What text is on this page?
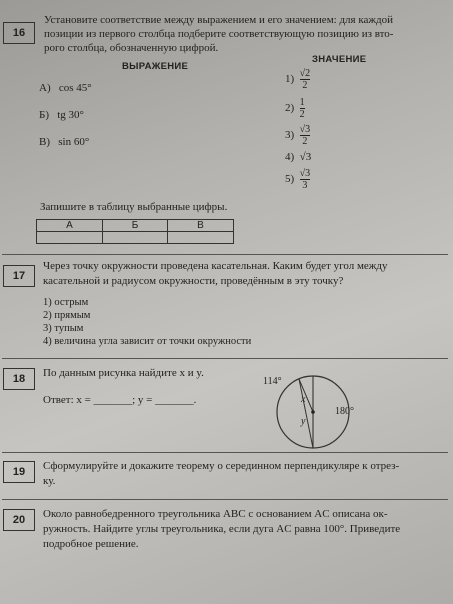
16
Установите соответствие между выражением и его значением: для каждой
позиции из первого столбца подберите соответствующую позицию из вто-
рого столбца, обозначенную цифрой.
ВЫРАЖЕНИЕ
ЗНАЧЕНИЕ
А) cos 45°
Б) tg 30°
В) sin 60°
$1) \frac{√2}{2}$
$2) \frac{1}{2}$
$3) \frac{√3}{2}$
4) √3
$5) \frac{√3}{3}$
Запишите в таблицу выбранные цифры.
А	Б	В

17
Через точку окружности проведена касательная. Каким будет угол между
касательной и радиусом окружности, проведённым в эту точку?
1) острым
2) прямым
3) тупым
4) величина угла зависит от точки окружности
18	По данным рисунка найдите x и y.
Ответ: x = _______; y = _______.
114°
180°
x
y
19	Сформулируйте и докажите теорему о серединном перпендикуляре к отрез-
ку.
20	Около равнобедренного треугольника ABC с основанием AC описана ок-
ружность. Найдите углы треугольника, если дуга AC равна 100°. Приведите
подробное решение.
